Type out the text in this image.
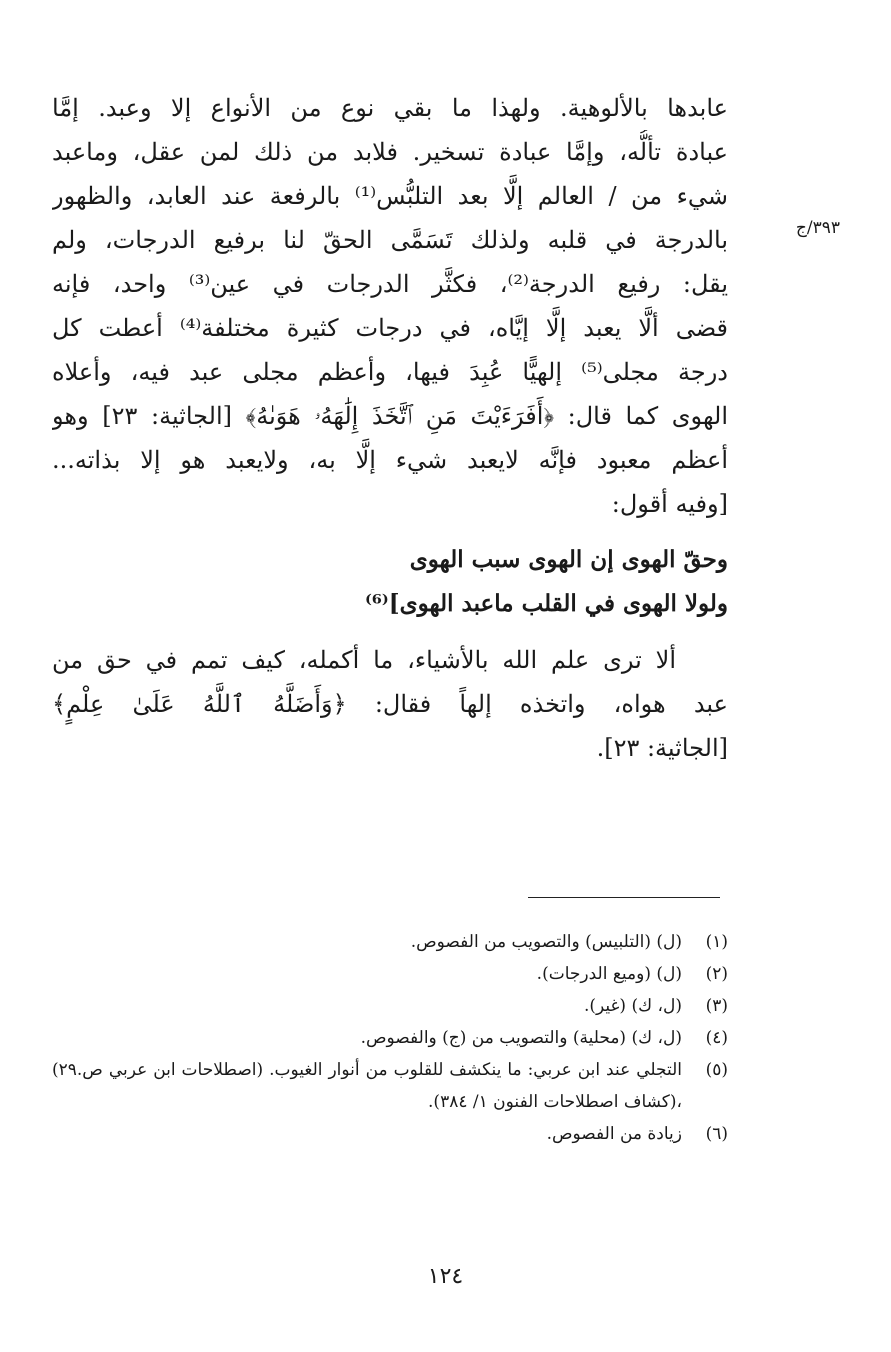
٣٩٣/ج
عابدها بالألوهية. ولهذا ما بقي نوع من الأنواع إلا وعبد. إمَّا
عبادة تألُّه، وإمَّا عبادة تسخير. فلابد من ذلك لمن عقل، وماعبد
شيء من / العالم إلَّا بعد التلبُّس⁽¹⁾ بالرفعة عند العابد، والظهور
بالدرجة في قلبه ولذلك تَسَمَّى الحقّ لنا برفيع الدرجات، ولم
يقل: رفيع الدرجة⁽²⁾، فكثَّر الدرجات في عين⁽³⁾ واحد، فإنه
قضى ألَّا يعبد إلَّا إيَّاه، في درجات كثيرة مختلفة⁽⁴⁾ أعطت كل
درجة مجلى⁽⁵⁾ إلهيًّا عُبِدَ فيها، وأعظم مجلى عبد فيه، وأعلاه
الهوى كما قال: ﴿أَفَرَءَيْتَ مَنِ ٱتَّخَذَ إِلَٰهَهُۥ هَوَىٰهُ﴾ [الجاثية: ٢٣] وهو
أعظم معبود فإنَّه لايعبد شيء إلَّا به، ولايعبد هو إلا بذاته...
[وفيه أقول:
وحقّ الهوى إن الهوى سبب الهوى
ولولا الهوى في القلب ماعبد الهوى]⁽⁶⁾
ألا ترى علم الله بالأشياء، ما أكمله، كيف تمم في حق من
عبد هواه، واتخذه إلهاً فقال: ﴿وَأَضَلَّهُ ٱللَّهُ عَلَىٰ عِلْمٍ﴾
[الجاثية: ٢٣].
(١)
(ل) (التلبيس) والتصويب من الفصوص.
(٢)
(ل) (وميع الدرجات).
(٣)
(ل، ك) (غير).
(٤)
(ل، ك) (محلية) والتصويب من (ج) والفصوص.
(٥)
التجلي عند ابن عربي: ما ينكشف للقلوب من أنوار الغيوب. (اصطلاحات ابن عربي ص.٢٩) ،(كشاف اصطلاحات الفنون ١/ ٣٨٤).
(٦)
زيادة من الفصوص.
١٢٤
